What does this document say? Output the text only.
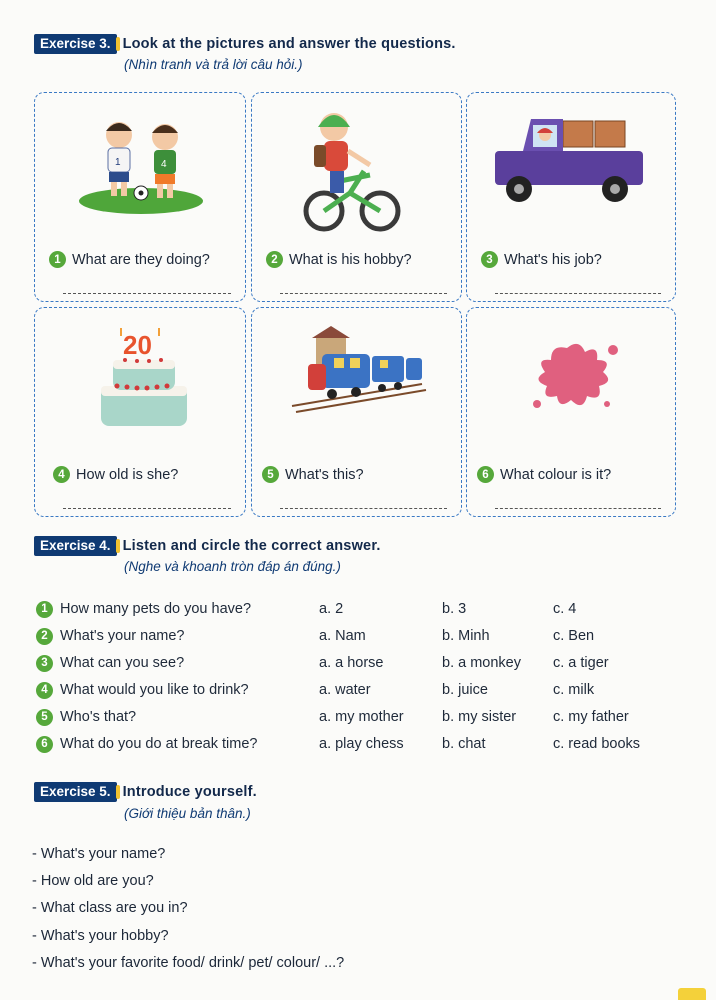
Exercise 3. Look at the pictures and answer the questions.
(Nhìn tranh và trả lời câu hỏi.)
1	4
1 What are they doing?	2 What is his hobby?	3 What's his job?
20
4 How old is she?	5 What's this?	6 What colour is it?
Exercise 4. Listen and circle the correct answer.
(Nghe và khoanh tròn đáp án đúng.)
1 How many pets do you have?	a. 2	b. 3	c. 4
2 What's your name?	a. Nam	b. Minh	c. Ben
3 What can you see?	a. a horse	b. a monkey c. a tiger
4 What would you like to drink?	a. water	b. juice	c. milk
5 Who's that?	a. my mother	b. my sister	c. my father
6 What do you do at break time?	a. play chess	b. chat	c. read books
Exercise 5. Introduce yourself.
(Giới thiệu bản thân.)
- What's your name?
- How old are you?
- What class are you in?
- What's your hobby?
- What's your favorite food/ drink/ pet/ colour/ ...?
